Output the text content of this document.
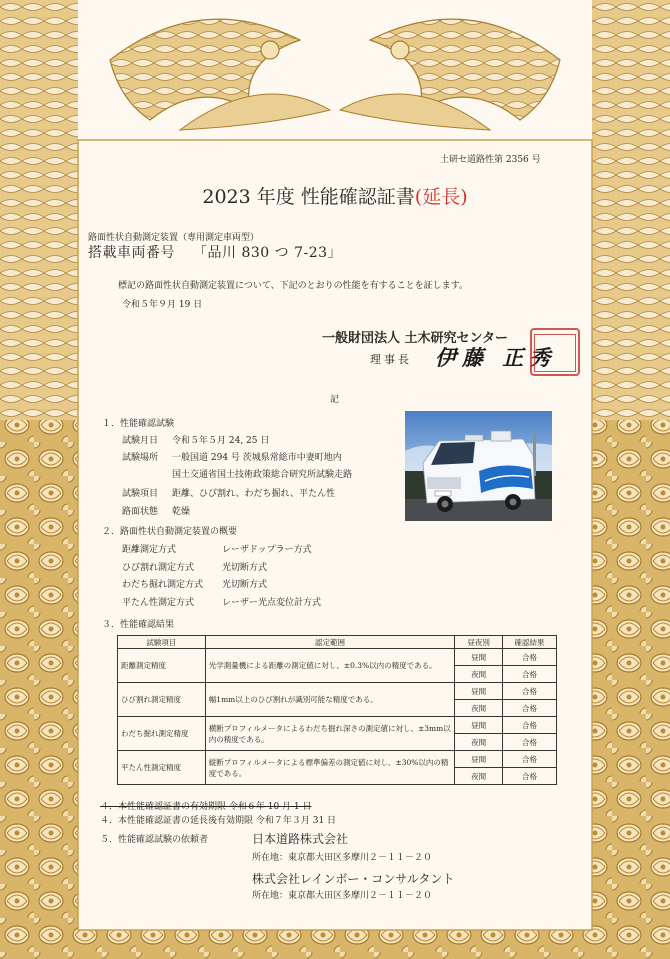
土研セ道路性第 2356 号
2023 年度 性能確認証書(延長)
路面性状自動測定装置（専用測定車両型）
搭載車両番号 「品川 830 つ 7-23」
標記の路面性状自動測定装置について、下記のとおりの性能を有することを証します。
令和５年９月 19 日
一般財団法人 土木研究センター
理事長 伊藤 正秀
記
１．性能確認試験
試験月日 令和５年５月 24, 25 日
試験場所 一般国道 294 号 茨城県常総市中妻町地内
国土交通省国土技術政策総合研究所試験走路
試験項目 距離、ひび割れ、わだち掘れ、平たん性
路面状態 乾燥
２．路面性状自動測定装置の概要
距離測定方式	レーザドップラー方式
ひび割れ測定方式	光切断方式
わだち掘れ測定方式 光切断方式
平たん性測定方式	レーザー光点変位計方式
３．性能確認結果
試験項目	認定範囲	昼夜別	確認結果
距離測定精度	光学測量機による距離の測定値に対し、±0.3%以内の精度である。	昼間	合格
		夜間	合格
ひび割れ測定精度	幅1mm以上のひび割れが識別可能な精度である。	昼間	合格
		夜間	合格
わだち掘れ測定精度	横断プロフィルメータによるわだち掘れ深さの測定値に対し、±3mm以内の精度である。	昼間	合格
		夜間	合格
平たん性測定精度	縦断プロフィルメータによる標準偏差の測定値に対し、±30%以内の精度である。	昼間	合格
		夜間	合格
４．本性能確認証書の有効期限 令和６年 10 月 1 日
４．本性能確認証書の延長後有効期限 令和７年３月 31 日
５．性能確認試験の依頼者	日本道路株式会社
所在地：東京都大田区多摩川２－１１－２０
株式会社レインボー・コンサルタント
所在地：東京都大田区多摩川２－１１－２０
